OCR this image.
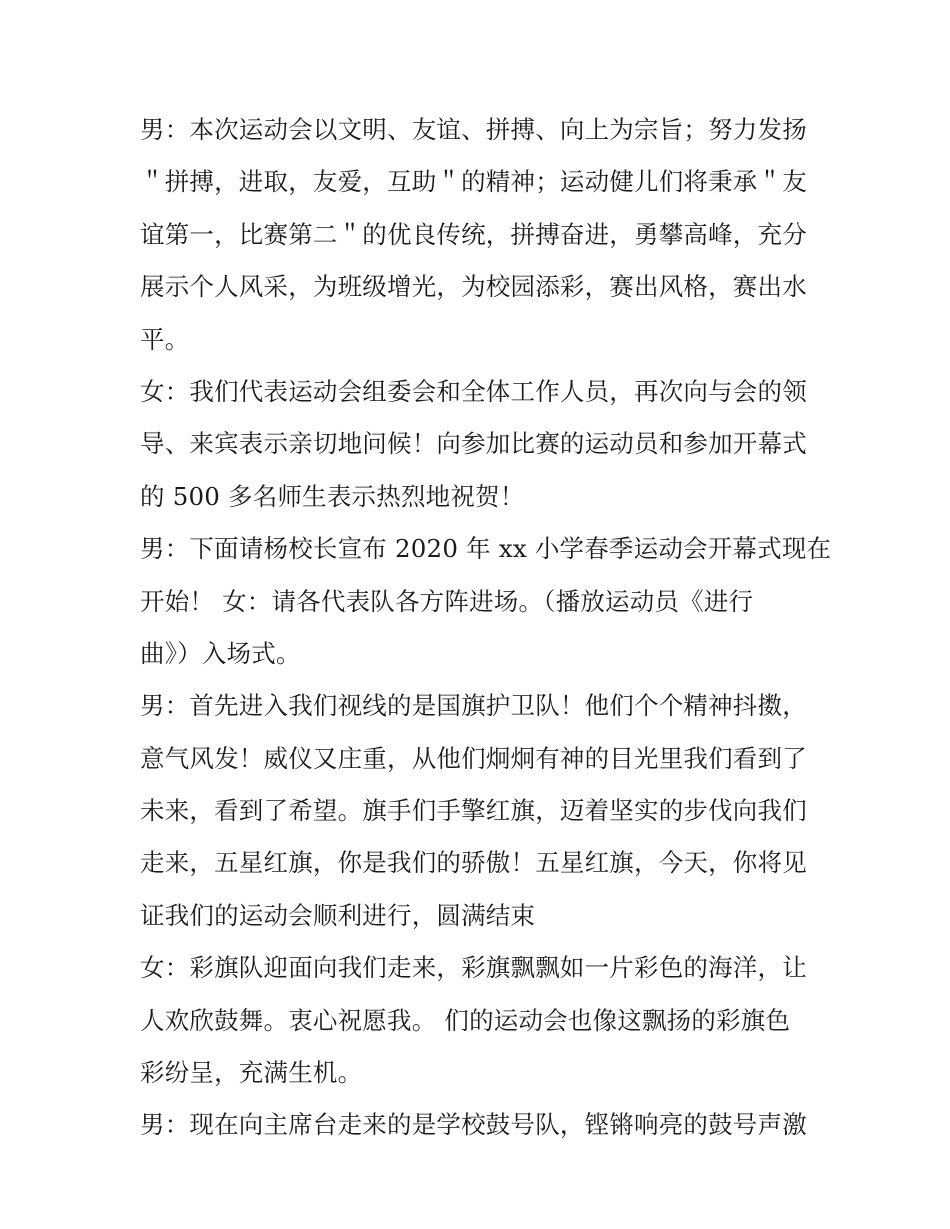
男：本次运动会以文明、友谊、拼搏、向上为宗旨；努力发扬
＂拼搏，进取，友爱，互助＂的精神；运动健儿们将秉承＂友
谊第一，比赛第二＂的优良传统，拼搏奋进，勇攀高峰，充分
展示个人风采，为班级增光，为校园添彩，赛出风格，赛出水
平。
女：我们代表运动会组委会和全体工作人员，再次向与会的领
导、来宾表示亲切地问候！向参加比赛的运动员和参加开幕式
的 500 多名师生表示热烈地祝贺！
男：下面请杨校长宣布 2020 年 xx 小学春季运动会开幕式现在
开始！ 女：请各代表队各方阵进场。（播放运动员《进行
曲》）入场式。
男：首先进入我们视线的是国旗护卫队！他们个个精神抖擞，
意气风发！威仪又庄重，从他们炯炯有神的目光里我们看到了
未来，看到了希望。旗手们手擎红旗，迈着坚实的步伐向我们
走来，五星红旗，你是我们的骄傲！五星红旗，今天，你将见
证我们的运动会顺利进行，圆满结束
女：彩旗队迎面向我们走来，彩旗飘飘如一片彩色的海洋，让
人欢欣鼓舞。衷心祝愿我。 们的运动会也像这飘扬的彩旗色
彩纷呈，充满生机。
男：现在向主席台走来的是学校鼓号队，铿锵响亮的鼓号声激
